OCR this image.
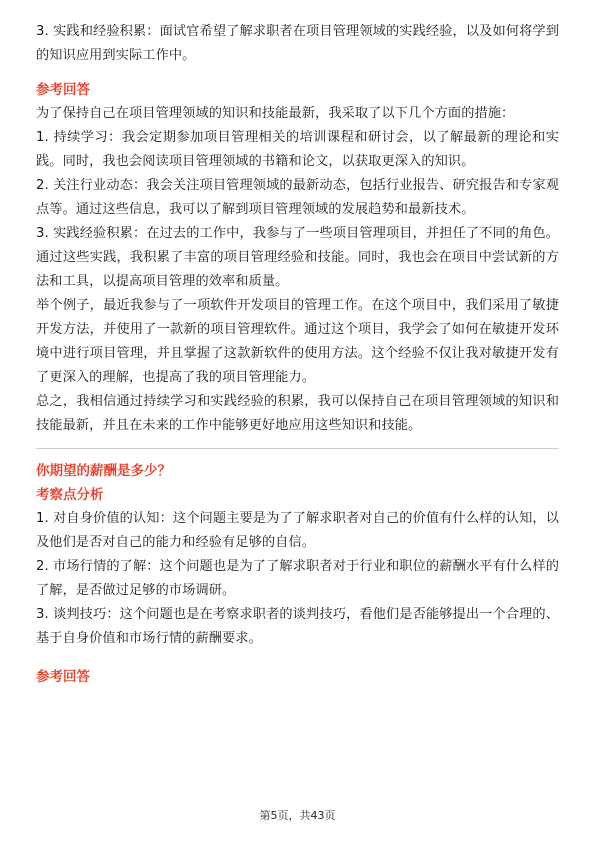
3. 实践和经验积累：面试官希望了解求职者在项目管理领域的实践经验，以及如何将学到的知识应用到实际工作中。

参考回答

为了保持自己在项目管理领域的知识和技能最新，我采取了以下几个方面的措施：

1. 持续学习：我会定期参加项目管理相关的培训课程和研讨会，以了解最新的理论和实践。同时，我也会阅读项目管理领域的书籍和论文，以获取更深入的知识。

2. 关注行业动态：我会关注项目管理领域的最新动态，包括行业报告、研究报告和专家观点等。通过这些信息，我可以了解到项目管理领域的发展趋势和最新技术。

3. 实践经验积累：在过去的工作中，我参与了一些项目管理项目，并担任了不同的角色。通过这些实践，我积累了丰富的项目管理经验和技能。同时，我也会在项目中尝试新的方法和工具，以提高项目管理的效率和质量。

举个例子，最近我参与了一项软件开发项目的管理工作。在这个项目中，我们采用了敏捷开发方法，并使用了一款新的项目管理软件。通过这个项目，我学会了如何在敏捷开发环境中进行项目管理，并且掌握了这款新软件的使用方法。这个经验不仅让我对敏捷开发有了更深入的理解，也提高了我的项目管理能力。

总之，我相信通过持续学习和实践经验的积累，我可以保持自己在项目管理领域的知识和技能最新，并且在未来的工作中能够更好地应用这些知识和技能。

你期望的薪酬是多少？
考察点分析

1. 对自身价值的认知：这个问题主要是为了了解求职者对自己的价值有什么样的认知，以及他们是否对自己的能力和经验有足够的自信。

2. 市场行情的了解：这个问题也是为了了解求职者对于行业和职位的薪酬水平有什么样的了解，是否做过足够的市场调研。

3. 谈判技巧：这个问题也是在考察求职者的谈判技巧，看他们是否能够提出一个合理的、基于自身价值和市场行情的薪酬要求。

参考回答
第5页，共43页
